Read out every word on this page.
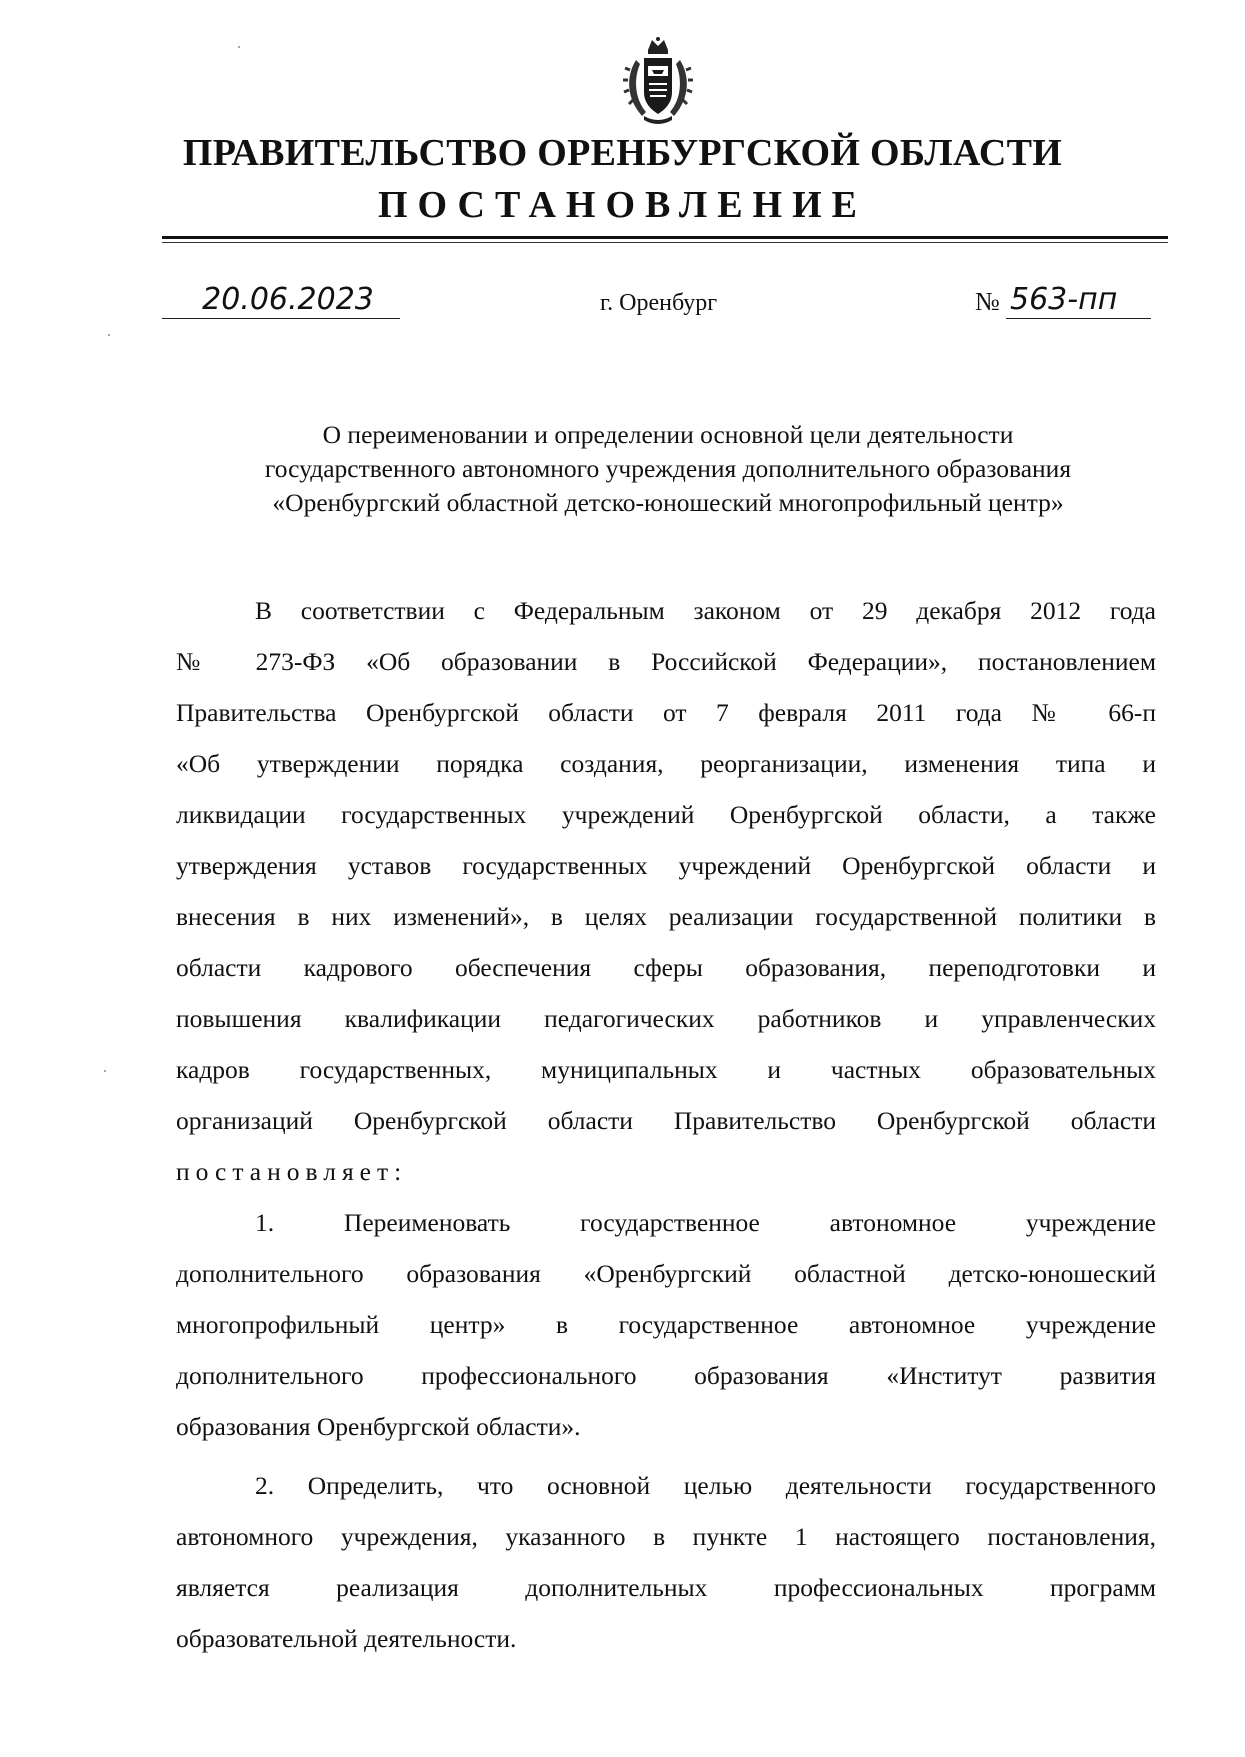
ПРАВИТЕЛЬСТВО ОРЕНБУРГСКОЙ ОБЛАСТИ
ПОСТАНОВЛЕНИЕ
20.06.2023	г. Оренбург	№ 563-пп
О переименовании и определении основной цели деятельности
государственного автономного учреждения дополнительного образования
«Оренбургский областной детско-юношеский многопрофильный центр»
В соответствии с Федеральным законом от 29 декабря 2012 года
№ 273-ФЗ «Об образовании в Российской Федерации», постановлением
Правительства Оренбургской области от 7 февраля 2011 года № 66-п
«Об утверждении порядка создания, реорганизации, изменения типа и
ликвидации государственных учреждений Оренбургской области, а также
утверждения уставов государственных учреждений Оренбургской области и
внесения в них изменений», в целях реализации государственной политики в
области кадрового обеспечения сферы образования, переподготовки и
повышения квалификации педагогических работников и управленческих
кадров государственных, муниципальных и частных образовательных
организаций Оренбургской области Правительство Оренбургской области
постановляет:
1. Переименовать государственное автономное учреждение
дополнительного образования «Оренбургский областной детско-юношеский
многопрофильный центр» в государственное автономное учреждение
дополнительного профессионального образования «Институт развития
образования Оренбургской области».
2. Определить, что основной целью деятельности государственного
автономного учреждения, указанного в пункте 1 настоящего постановления,
является реализация дополнительных профессиональных программ
образовательной деятельности.
